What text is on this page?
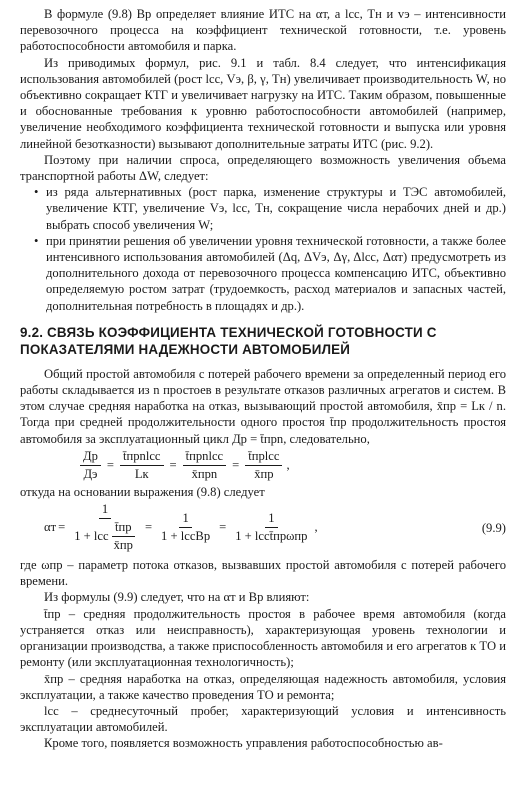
В формуле (9.8) Вр определяет влияние ИТС на αт, а lсс, Тн и vэ – интенсивности перевозочного процесса на коэффициент технической готовности, т.е. уровень работоспособности автомобиля и парка.

Из приводимых формул, рис. 9.1 и табл. 8.4 следует, что интенсификация использования автомобилей (рост lсс, Vэ, β, γ, Тн) увеличивает производительность W, но объективно сокращает КТГ и увеличивает нагрузку на ИТС. Таким образом, повышенные и обоснованные требования к уровню работоспособности автомобилей (например, увеличение необходимого коэффициента технической готовности и выпуска или уровня линейной безотказности) вызывают дополнительные затраты ИТС (рис. 9.2).

Поэтому при наличии спроса, определяющего возможность увеличения объема транспортной работы ΔW, следует:

• из ряда альтернативных (рост парка, изменение структуры и ТЭС автомобилей, увеличение КТГ, увеличение Vэ, lсс, Тн, сокращение числа нерабочих дней и др.) выбрать способ увеличения W;
• при принятии решения об увеличении уровня технической готовности, а также более интенсивного использования автомобилей (Δq, ΔVэ, Δγ, Δlсс, Δαт) предусмотреть из дополнительного дохода от перевозочного процесса компенсацию ИТС, объективно определяемую ростом затрат (трудоемкость, расход материалов и запасных частей, дополнительная потребность в площадях и др.).
9.2. СВЯЗЬ КОЭФФИЦИЕНТА ТЕХНИЧЕСКОЙ ГОТОВНОСТИ С ПОКАЗАТЕЛЯМИ НАДЕЖНОСТИ АВТОМОБИЛЕЙ

Общий простой автомобиля с потерей рабочего времени за определенный период его работы складывается из n простоев в результате отказов различных агрегатов и систем. В этом случае средняя наработка на отказ, вызывающий простой автомобиля, x̄пр = Lк / n. Тогда при средней продолжительности одного простоя t̄пр продолжительность простоя автомобиля за эксплуатационный цикл Др = t̄прn, следовательно,

$\frac{Др}{Дэ} = \frac{\text{t̄прnlсс}}{Lк} = \frac{\text{t̄прnlсс}}{\text{x̄прn}} = \frac{\text{t̄прlсс}}{x̄пр}$ ,

откуда на основании выражения (9.8) следует

$\alpha т = \frac{1}{1 + lсс \frac{t̄пр}{x̄пр}} = \frac{1}{\text{1 + lссВр}} = \frac{1}{\text{1 + lссt̄прωпр}}$ ,	(9.9)

где ωпр – параметр потока отказов, вызвавших простой автомобиля с потерей рабочего времени.

Из формулы (9.9) следует, что на αт и Вр влияют:

t̄пр – средняя продолжительность простоя в рабочее время автомобиля (когда устраняется отказ или неисправность), характеризующая уровень технологии и организации производства, а также приспособленность автомобиля и его агрегатов к ТО и ремонту (или эксплуатационная технологичность);

x̄пр – средняя наработка на отказ, определяющая надежность автомобиля, условия эксплуатации, а также качество проведения ТО и ремонта;

lсс – среднесуточный пробег, характеризующий условия и интенсивность эксплуатации автомобилей.

Кроме того, появляется возможность управления работоспособностью ав-
